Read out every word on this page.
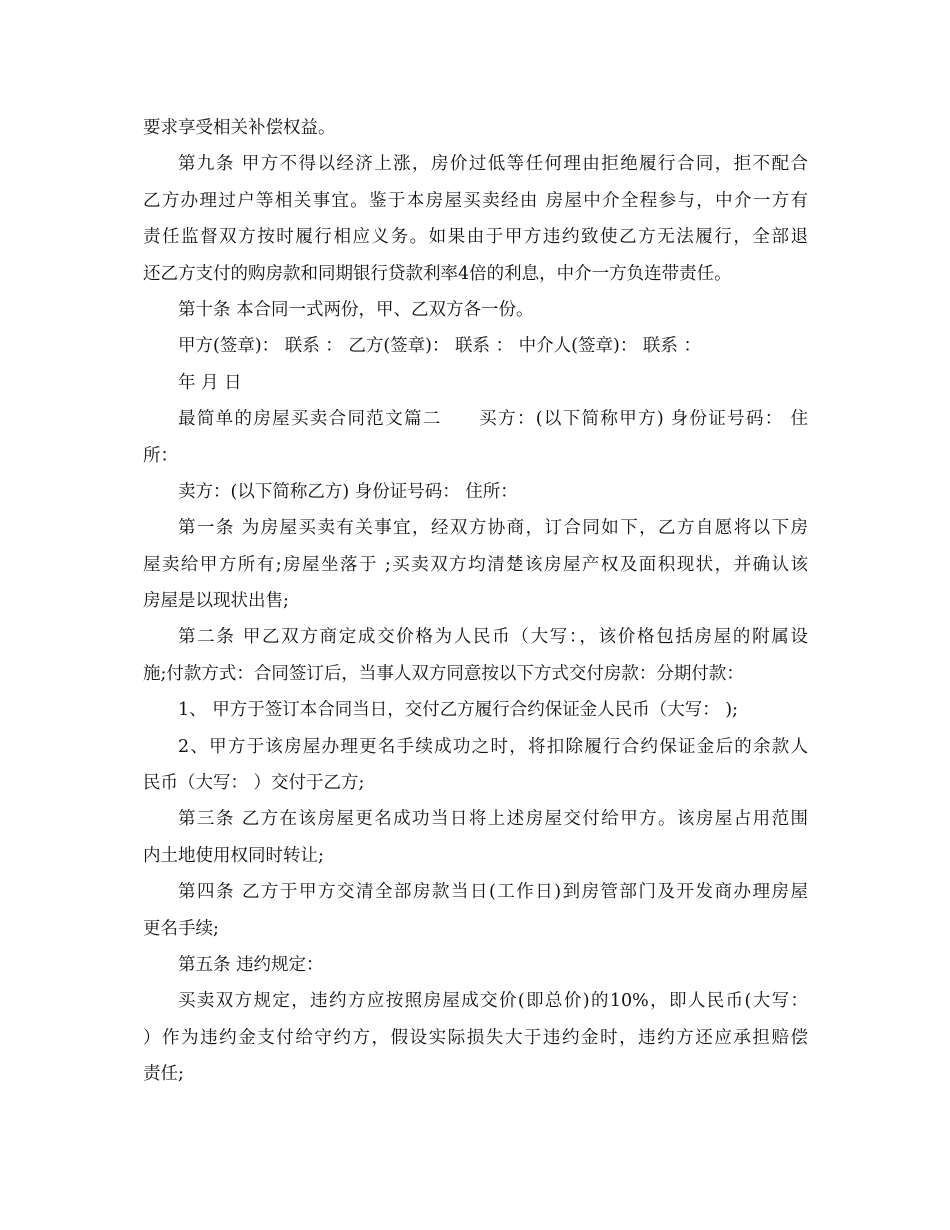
要求享受相关补偿权益。
第九条 甲方不得以经济上涨，房价过低等任何理由拒绝履行合同，拒不配合
乙方办理过户等相关事宜。鉴于本房屋买卖经由 房屋中介全程参与，中介一方有
责任监督双方按时履行相应义务。如果由于甲方违约致使乙方无法履行，全部退
还乙方支付的购房款和同期银行贷款利率4倍的利息，中介一方负连带责任。
第十条 本合同一式两份，甲、乙双方各一份。
甲方(签章)： 联系 ： 乙方(签章)： 联系 ： 中介人(签章)： 联系 ：
年 月 日
最简单的房屋买卖合同范文篇二　　买方：(以下简称甲方) 身份证号码： 住
所：
卖方：(以下简称乙方) 身份证号码： 住所：
第一条 为房屋买卖有关事宜，经双方协商，订合同如下，乙方自愿将以下房
屋卖给甲方所有;房屋坐落于 ;买卖双方均清楚该房屋产权及面积现状，并确认该
房屋是以现状出售;
第二条 甲乙双方商定成交价格为人民币（大写：，该价格包括房屋的附属设
施;付款方式：合同签订后，当事人双方同意按以下方式交付房款：分期付款：
1、 甲方于签订本合同当日，交付乙方履行合约保证金人民币（大写： );
2、甲方于该房屋办理更名手续成功之时，将扣除履行合约保证金后的余款人
民币（大写： ）交付于乙方;
第三条 乙方在该房屋更名成功当日将上述房屋交付给甲方。该房屋占用范围
内土地使用权同时转让;
第四条 乙方于甲方交清全部房款当日(工作日)到房管部门及开发商办理房屋
更名手续;
第五条 违约规定：
买卖双方规定，违约方应按照房屋成交价(即总价)的10%，即人民币(大写：
）作为违约金支付给守约方，假设实际损失大于违约金时，违约方还应承担赔偿
责任;
